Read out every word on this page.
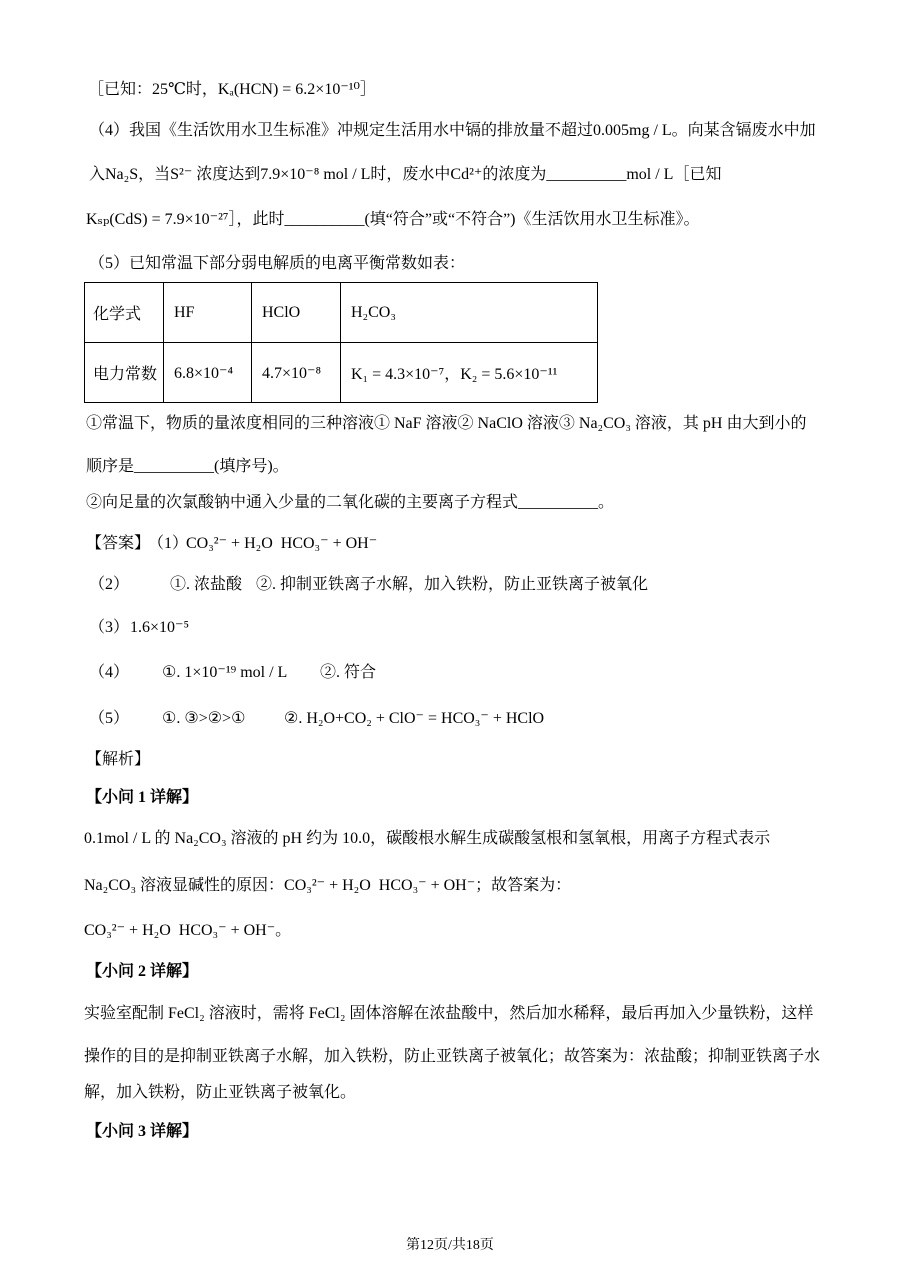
［已知：25℃时，Kₐ(HCN) = 6.2×10⁻¹⁰］
（4）我国《生活饮用水卫生标准》冲规定生活用水中镉的排放量不超过0.005mg / L。向某含镉废水中加
入Na₂S，当S²⁻ 浓度达到7.9×10⁻⁸ mol / L时，废水中Cd²⁺的浓度为__________mol / L［已知
Kₛₚ(CdS) = 7.9×10⁻²⁷］，此时__________(填“符合”或“不符合”)《生活饮用水卫生标准》。
（5）已知常温下部分弱电解质的电离平衡常数如表：
化学式	HF	HClO	H₂CO₃
电力常数	6.8×10⁻⁴	4.7×10⁻⁸	K₁ = 4.3×10⁻⁷，K₂ = 5.6×10⁻¹¹
①常温下，物质的量浓度相同的三种溶液① NaF 溶液② NaClO 溶液③ Na₂CO₃ 溶液，其 pH 由大到小的
顺序是__________(填序号)。
②向足量的次氯酸钠中通入少量的二氧化碳的主要离子方程式__________。
【答案】
（1）
CO₃²⁻ + H₂O  HCO₃⁻ + OH⁻
（2）	①. 浓盐酸 ②. 抑制亚铁离子水解，加入铁粉，防止亚铁离子被氧化
（3） 1.6×10⁻⁵
（4） ①. 1×10⁻¹⁹ mol / L ②. 符合
（5） ①. ③>②>① ②. H₂O+CO₂ + ClO⁻ = HCO₃⁻ + HClO
【解析】
【小问 1 详解】
0.1mol / L 的 Na₂CO₃ 溶液的 pH 约为 10.0，碳酸根水解生成碳酸氢根和氢氧根，用离子方程式表示
Na₂CO₃ 溶液显碱性的原因：CO₃²⁻ + H₂O  HCO₃⁻ + OH⁻；故答案为：
CO₃²⁻ + H₂O  HCO₃⁻ + OH⁻。
【小问 2 详解】
实验室配制 FeCl₂ 溶液时，需将 FeCl₂ 固体溶解在浓盐酸中，然后加水稀释，最后再加入少量铁粉，这样
操作的目的是抑制亚铁离子水解，加入铁粉，防止亚铁离子被氧化；故答案为：浓盐酸；抑制亚铁离子水
解，加入铁粉，防止亚铁离子被氧化。
【小问 3 详解】
第12页/共18页
